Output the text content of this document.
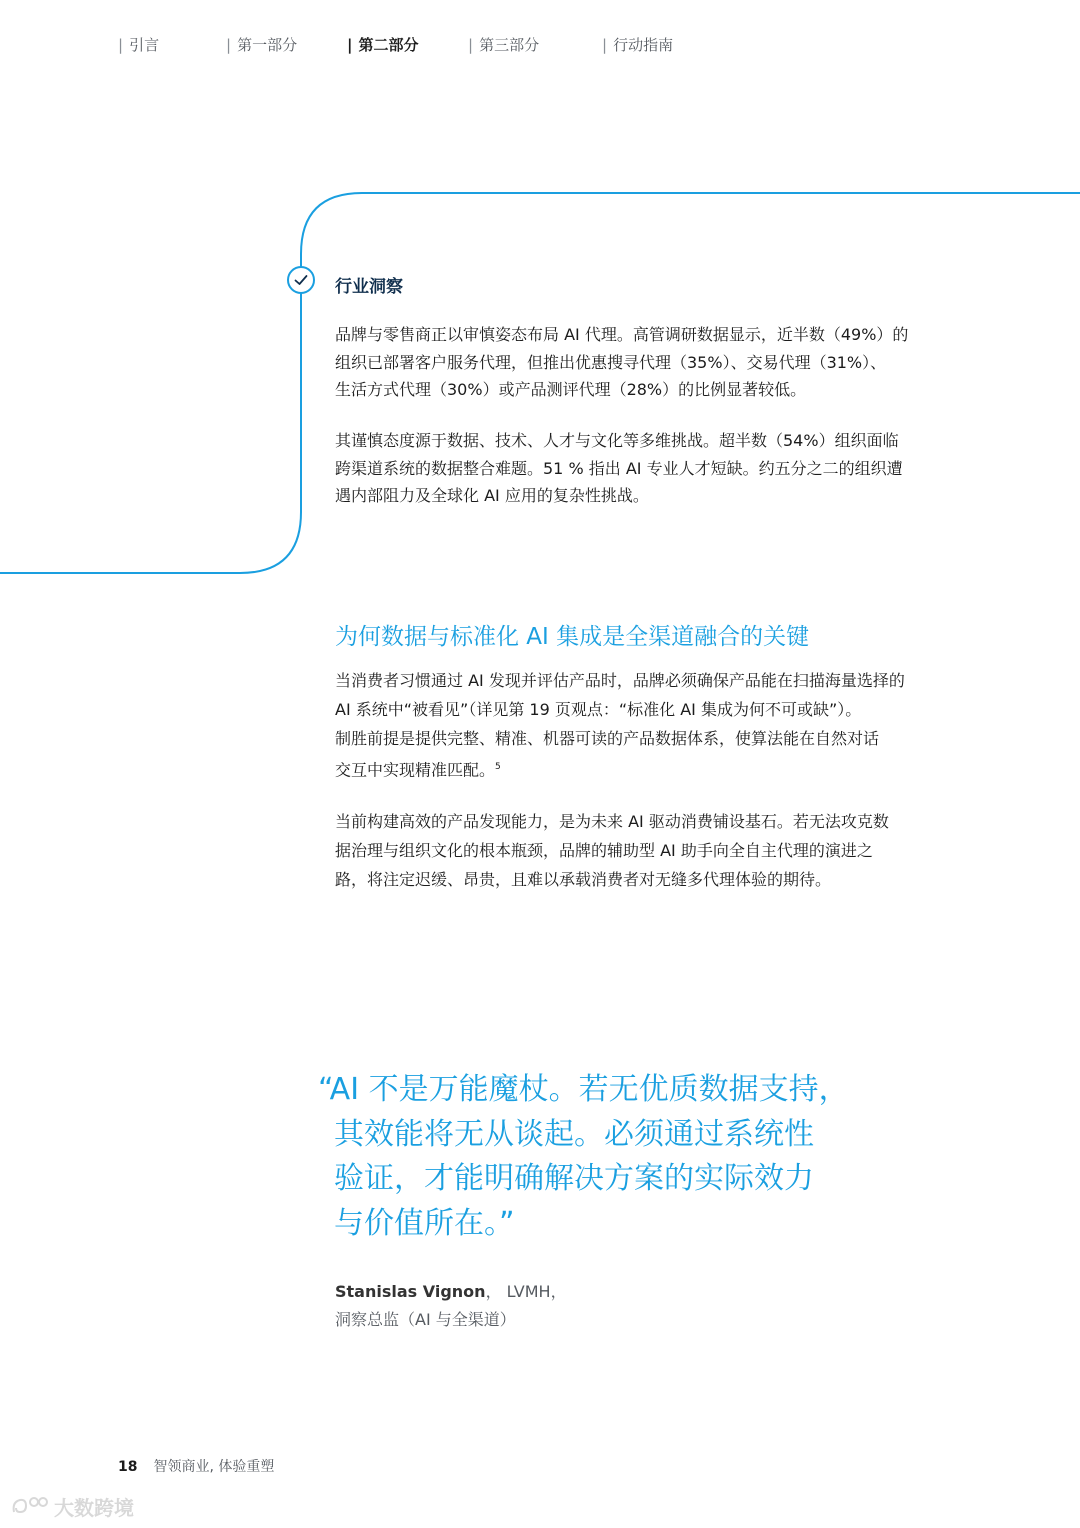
| 引言	| 第一部分	| 第二部分	| 第三部分	| 行动指南
行业洞察

品牌与零售商正以审慎姿态布局 AI 代理。高管调研数据显示，近半数（49%）的
组织已部署客户服务代理，但推出优惠搜寻代理（35%）、交易代理（31%）、
生活方式代理（30%）或产品测评代理（28%）的比例显著较低。

其谨慎态度源于数据、技术、人才与文化等多维挑战。超半数（54%）组织面临
跨渠道系统的数据整合难题。51 % 指出 AI 专业人才短缺。约五分之二的组织遭
遇内部阻力及全球化 AI 应用的复杂性挑战。

为何数据与标准化 AI 集成是全渠道融合的关键

当消费者习惯通过 AI 发现并评估产品时，品牌必须确保产品能在扫描海量选择的
AI 系统中“被看见”（详见第 19 页观点：“标准化 AI 集成为何不可或缺”）。
制胜前提是提供完整、精准、机器可读的产品数据体系，使算法能在自然对话
交互中实现精准匹配。$^5$

当前构建高效的产品发现能力，是为未来 AI 驱动消费铺设基石。若无法攻克数
据治理与组织文化的根本瓶颈，品牌的辅助型 AI 助手向全自主代理的演进之
路，将注定迟缓、昂贵，且难以承载消费者对无缝多代理体验的期待。

“AI 不是万能魔杖。若无优质数据支持，
其效能将无从谈起。必须通过系统性
验证，才能明确解决方案的实际效力
与价值所在。”

Stanislas Vignon， LVMH，
洞察总监（AI 与全渠道）
18 智领商业, 体验重塑
大数跨境
